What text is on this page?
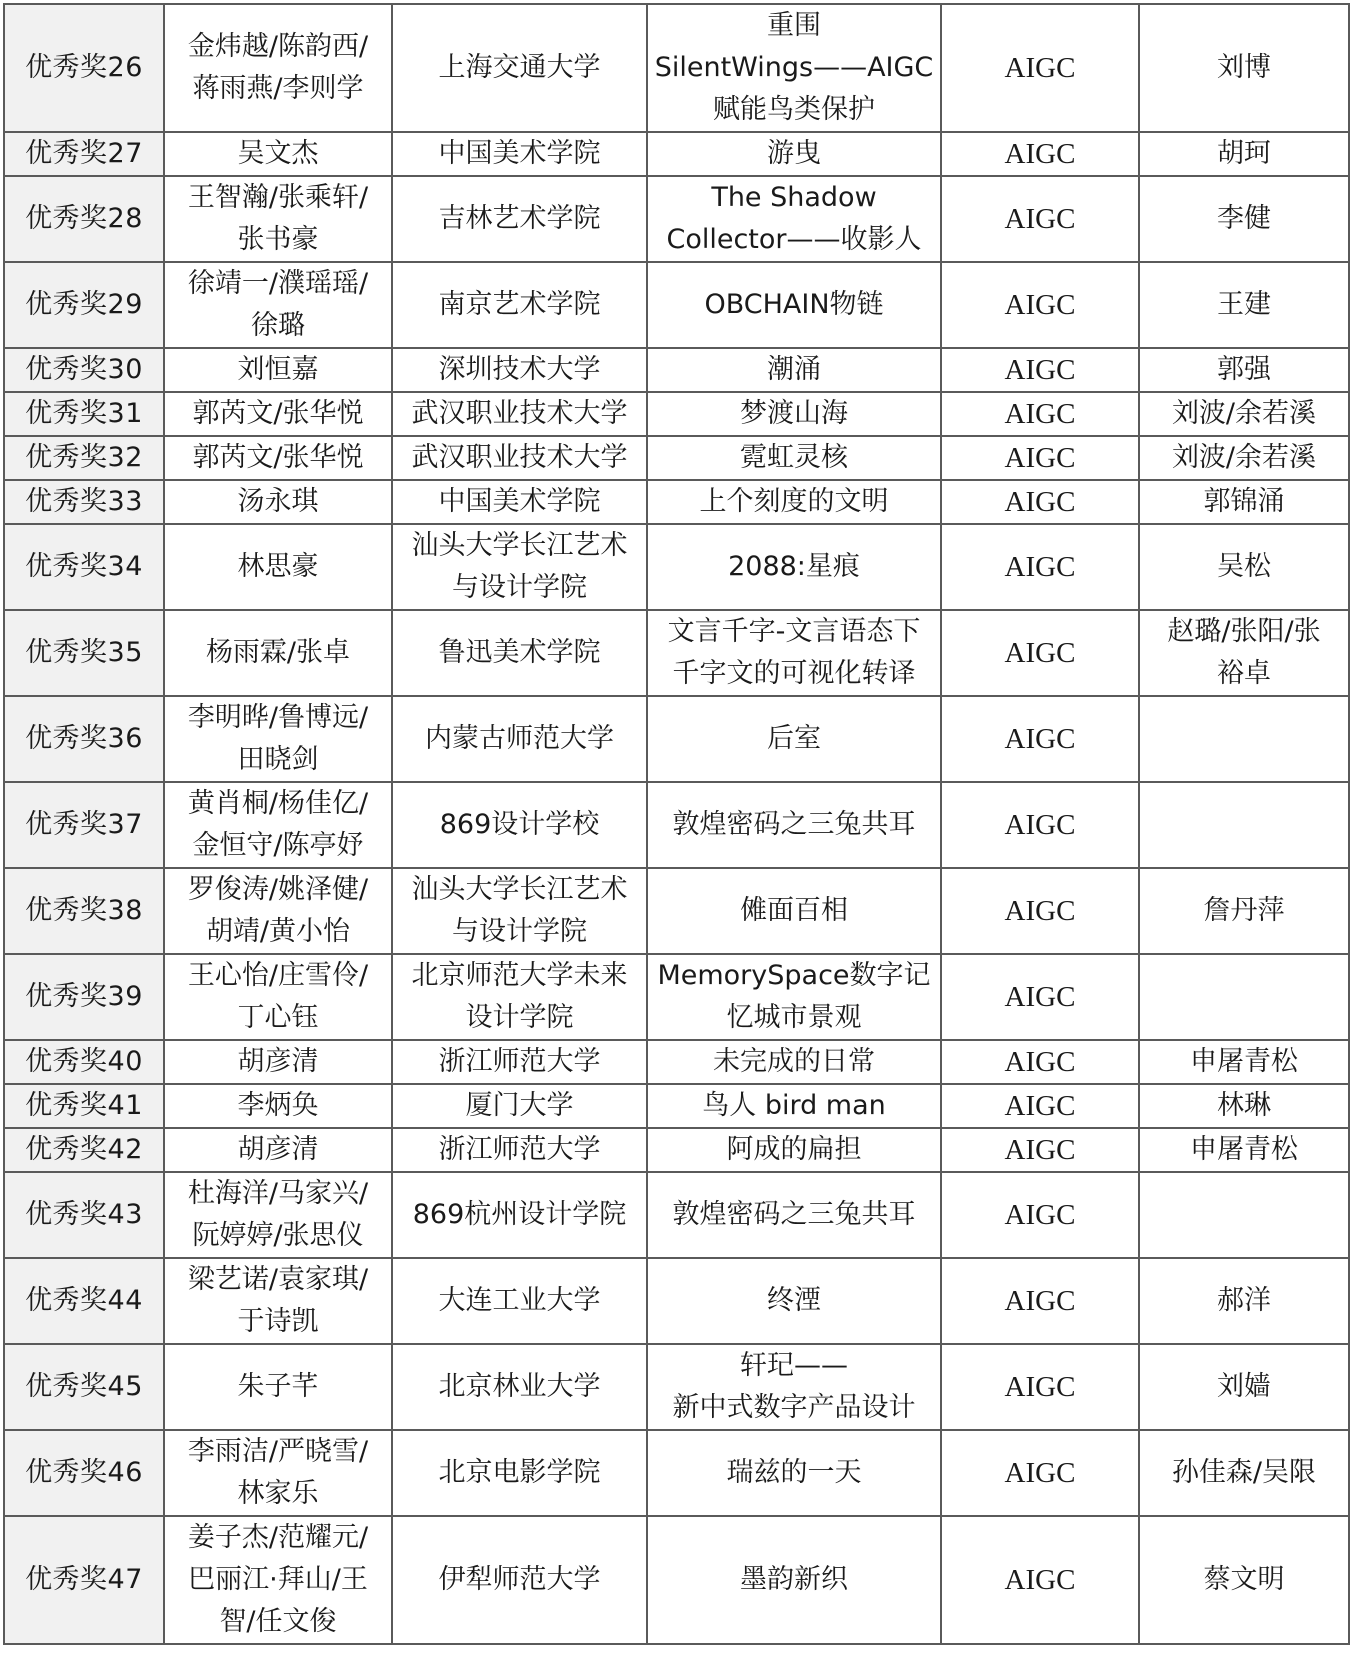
优秀奖26	金炜越/陈韵西/
蒋雨燕/李则学	上海交通大学	重围
SilentWings——AIGC
赋能鸟类保护	AIGC	刘博

优秀奖27	吴文杰	中国美术学院	游曳	AIGC	胡珂

优秀奖28	王智瀚/张乘轩/
张书豪	吉林艺术学院	The Shadow
Collector——收影人	AIGC	李健

优秀奖29	徐靖一/濮瑶瑶/
徐璐	南京艺术学院	OBCHAIN物链	AIGC	王建

优秀奖30	刘恒嘉	深圳技术大学	潮涌	AIGC	郭强

优秀奖31	郭芮文/张华悦	武汉职业技术大学	梦渡山海	AIGC	刘波/余若溪

优秀奖32	郭芮文/张华悦	武汉职业技术大学	霓虹灵核	AIGC	刘波/余若溪

优秀奖33	汤永琪	中国美术学院	上个刻度的文明	AIGC	郭锦涌

优秀奖34	林思豪	汕头大学长江艺术
与设计学院	2088:星痕	AIGC	吴松

优秀奖35	杨雨霖/张卓	鲁迅美术学院	文言千字-文言语态下
千字文的可视化转译	AIGC	赵璐/张阳/张
裕卓

优秀奖36	李明晔/鲁博远/
田晓剑	内蒙古师范大学	后室	AIGC	
优秀奖37	黄肖桐/杨佳亿/
金恒守/陈亭妤	869设计学校	敦煌密码之三兔共耳	AIGC	
优秀奖38	罗俊涛/姚泽健/
胡靖/黄小怡	汕头大学长江艺术
与设计学院	傩面百相	AIGC	詹丹萍

优秀奖39	王心怡/庄雪伶/
丁心钰	北京师范大学未来
设计学院	MemorySpace数字记
忆城市景观	AIGC	
优秀奖40	胡彦清	浙江师范大学	未完成的日常	AIGC	申屠青松

优秀奖41	李炳奂	厦门大学	鸟人 bird man	AIGC	林琳

优秀奖42	胡彦清	浙江师范大学	阿成的扁担	AIGC	申屠青松

优秀奖43	杜海洋/马家兴/
阮婷婷/张思仪	869杭州设计学院	敦煌密码之三兔共耳	AIGC	
优秀奖44	梁艺诺/袁家琪/
于诗凯	大连工业大学	终湮	AIGC	郝洋

优秀奖45	朱子芊	北京林业大学	轩玘——
新中式数字产品设计	AIGC	刘嫱

优秀奖46	李雨洁/严晓雪/
林家乐	北京电影学院	瑞兹的一天	AIGC	孙佳森/吴限

优秀奖47	姜子杰/范耀元/
巴丽江·拜山/王
智/任文俊	伊犁师范大学	墨韵新织	AIGC	蔡文明
